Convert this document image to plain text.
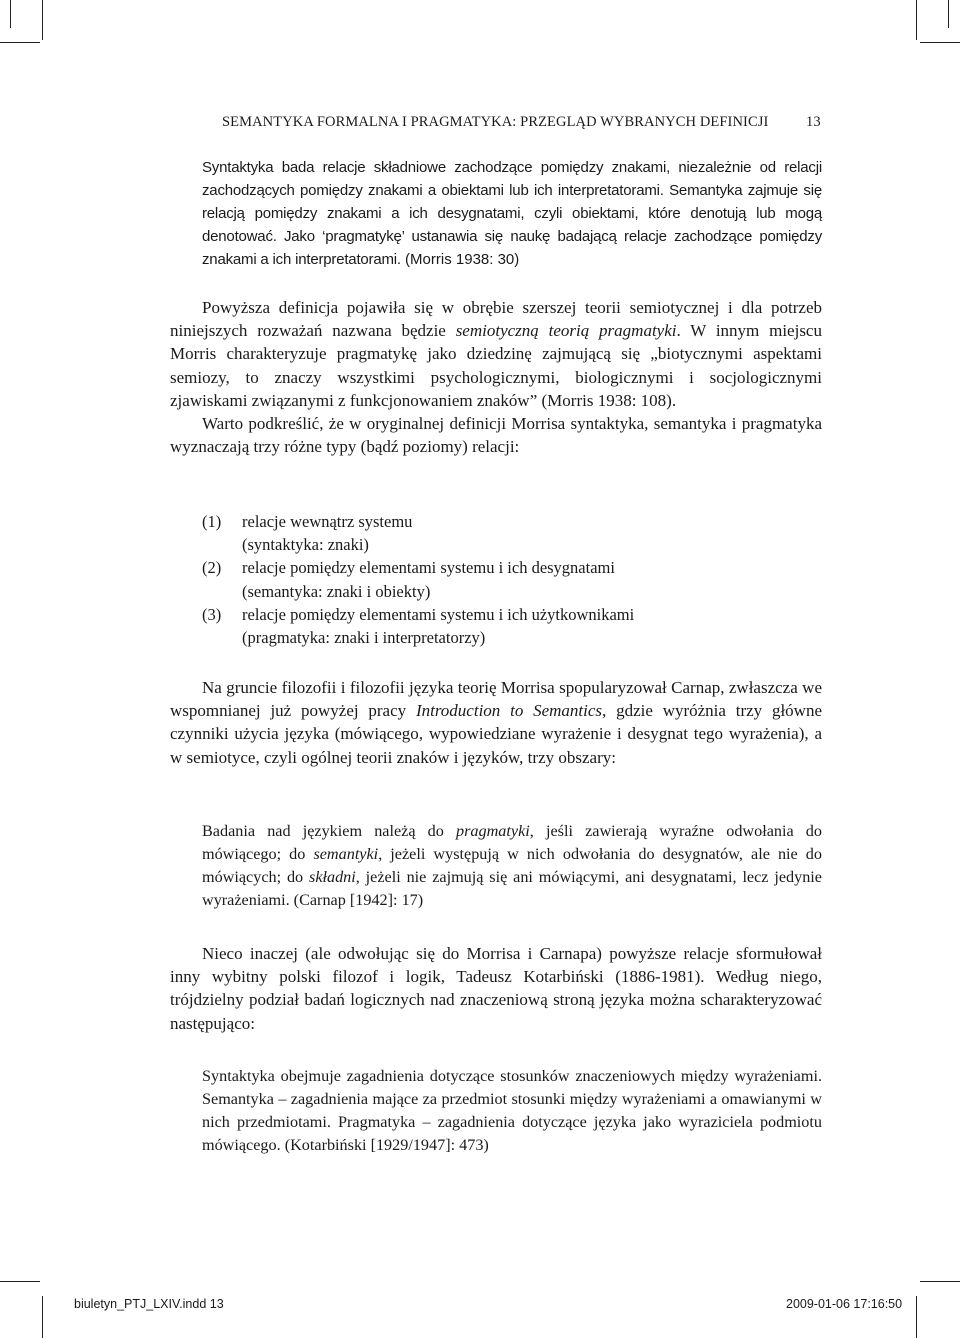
SEMANTYKA FORMALNA I PRAGMATYKA: PRZEGLĄD WYBRANYCH DEFINICJI	13

Syntaktyka bada relacje składniowe zachodzące pomiędzy znakami, niezależnie od relacji zachodzących pomiędzy znakami a obiektami lub ich interpretatorami. Semantyka zajmuje się relacją pomiędzy znakami a ich desygnatami, czyli obiektami, które denotują lub mogą denotować. Jako ‘pragmatykę’ ustanawia się naukę badającą relacje zachodzące pomiędzy znakami a ich interpretatorami. (Morris 1938: 30)

Powyższa definicja pojawiła się w obrębie szerszej teorii semiotycznej i dla potrzeb niniejszych rozważań nazwana będzie semiotyczną teorią pragmatyki. W innym miejscu Morris charakteryzuje pragmatykę jako dziedzinę zajmującą się „biotycznymi aspektami semiozy, to znaczy wszystkimi psychologicznymi, biologicznymi i socjologicznymi zjawiskami związanymi z funkcjonowaniem znaków” (Morris 1938: 108).

Warto podkreślić, że w oryginalnej definicji Morrisa syntaktyka, semantyka i pragmatyka wyznaczają trzy różne typy (bądź poziomy) relacji:

(1) relacje wewnątrz systemu
(syntaktyka: znaki)
(2) relacje pomiędzy elementami systemu i ich desygnatami
(semantyka: znaki i obiekty)
(3) relacje pomiędzy elementami systemu i ich użytkownikami
(pragmatyka: znaki i interpretatorzy)

Na gruncie filozofii i filozofii języka teorię Morrisa spopularyzował Carnap, zwłaszcza we wspomnianej już powyżej pracy Introduction to Semantics, gdzie wyróżnia trzy główne czynniki użycia języka (mówiącego, wypowiedziane wyrażenie i desygnat tego wyrażenia), a w semiotyce, czyli ogólnej teorii znaków i języków, trzy obszary:

Badania nad językiem należą do pragmatyki, jeśli zawierają wyraźne odwołania do mówiącego; do semantyki, jeżeli występują w nich odwołania do desygnatów, ale nie do mówiących; do składni, jeżeli nie zajmują się ani mówiącymi, ani desygnatami, lecz jedynie wyrażeniami. (Carnap [1942]: 17)

Nieco inaczej (ale odwołując się do Morrisa i Carnapa) powyższe relacje sformułował inny wybitny polski filozof i logik, Tadeusz Kotarbiński (1886-1981). Według niego, trójdzielny podział badań logicznych nad znaczeniową stroną języka można scharakteryzować następująco:

Syntaktyka obejmuje zagadnienia dotyczące stosunków znaczeniowych między wyrażeniami. Semantyka – zagadnienia mające za przedmiot stosunki między wyrażeniami a omawianymi w nich przedmiotami. Pragmatyka – zagadnienia dotyczące języka jako wyraziciela podmiotu mówiącego. (Kotarbiński [1929/1947]: 473)

biuletyn_PTJ_LXIV.indd 13	2009-01-06 17:16:50
